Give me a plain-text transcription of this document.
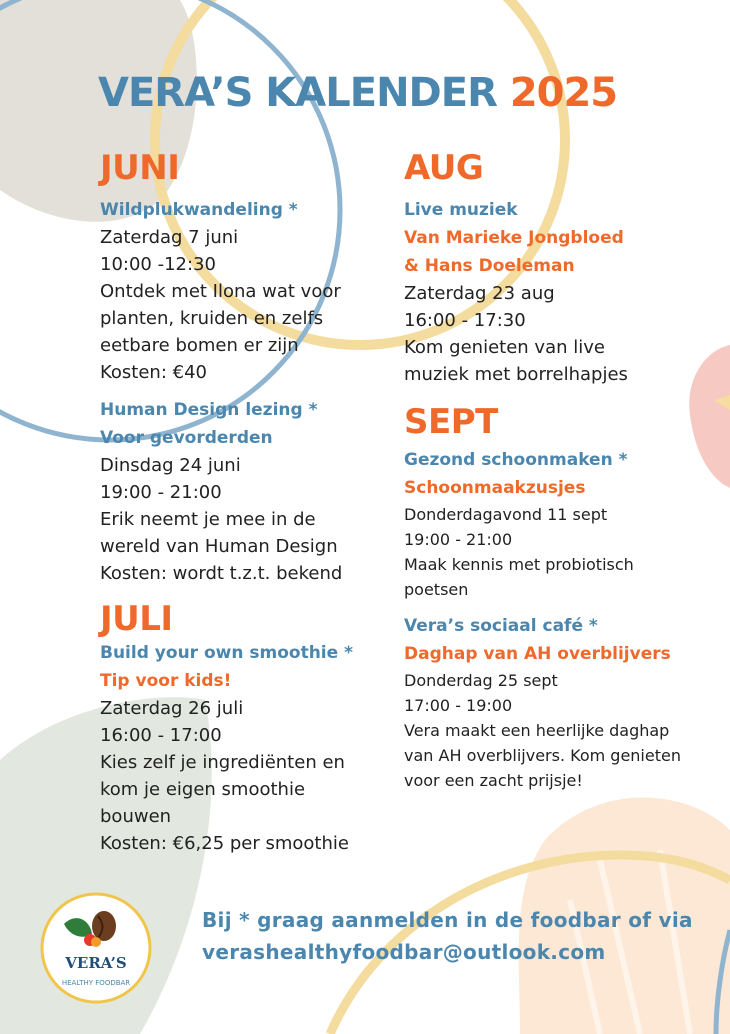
VERA’S KALENDER 2025
JUNI
Wildplukwandeling *
Zaterdag 7 juni
10:00 -12:30
Ontdek met Ilona wat voor
planten, kruiden en zelfs
eetbare bomen er zijn
Kosten: €40
Human Design lezing *
Voor gevorderden
Dinsdag 24 juni
19:00 - 21:00
Erik neemt je mee in de
wereld van Human Design
Kosten: wordt t.z.t. bekend
JULI
Build your own smoothie *
Tip voor kids!
Zaterdag 26 juli
16:00 - 17:00
Kies zelf je ingrediënten en
kom je eigen smoothie
bouwen
Kosten: €6,25 per smoothie
AUG
Live muziek
Van Marieke Jongbloed
& Hans Doeleman
Zaterdag 23 aug
16:00 - 17:30
Kom genieten van live
muziek met borrelhapjes
SEPT
Gezond schoonmaken *
Schoonmaakzusjes
Donderdagavond 11 sept
19:00 - 21:00
Maak kennis met probiotisch
poetsen
Vera’s sociaal café *
Daghap van AH overblijvers
Donderdag 25 sept
17:00 - 19:00
Vera maakt een heerlijke daghap
van AH overblijvers. Kom genieten
voor een zacht prijsje!
VERA’S
HEALTHY FOODBAR
Bij * graag aanmelden in de foodbar of via
verashealthyfoodbar@outlook.com
